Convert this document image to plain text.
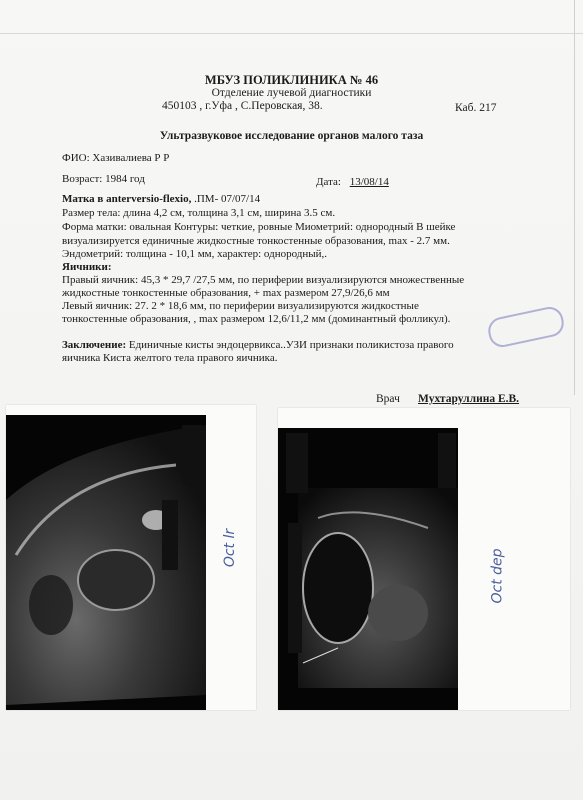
МБУЗ ПОЛИКЛИНИКА № 46
Отделение лучевой диагностики
450103 , г.Уфа , С.Перовская, 38.	Каб. 217
Ультразвуковое исследование органов малого таза
ФИО: Хазивалиева Р Р
Возраст: 1984 год	Дата: 13/08/14
Матка в anterversio-flexio, .ПМ- 07/07/14
Размер тела: длина 4,2 см, толщина 3,1 см, ширина 3.5 см.
Форма матки: овальная Контуры: четкие, ровные Миометрий: однородный В шейке
визуализируется единичные жидкостные тонкостенные образования, max - 2.7 мм.
Эндометрий: толщина - 10,1 мм, характер: однородный,.
Яичники:
Правый яичник: 45,3 * 29,7 /27,5 мм, по периферии визуализируются множественные
жидкостные тонкостенные образования, + max размером 27,9/26,6 мм
Левый яичник: 27. 2 * 18,6 мм, по периферии визуализируются жидкостные
тонкостенные образования, , max размером 12,6/11,2 мм (доминантный фолликул).
Заключение: Единичные кисты эндоцервикса..УЗИ признаки поликистоза правого
яичника Киста желтого тела правого яичника.
Врач Мухтаруллина Е.В.
Oct lr
Oct dep
